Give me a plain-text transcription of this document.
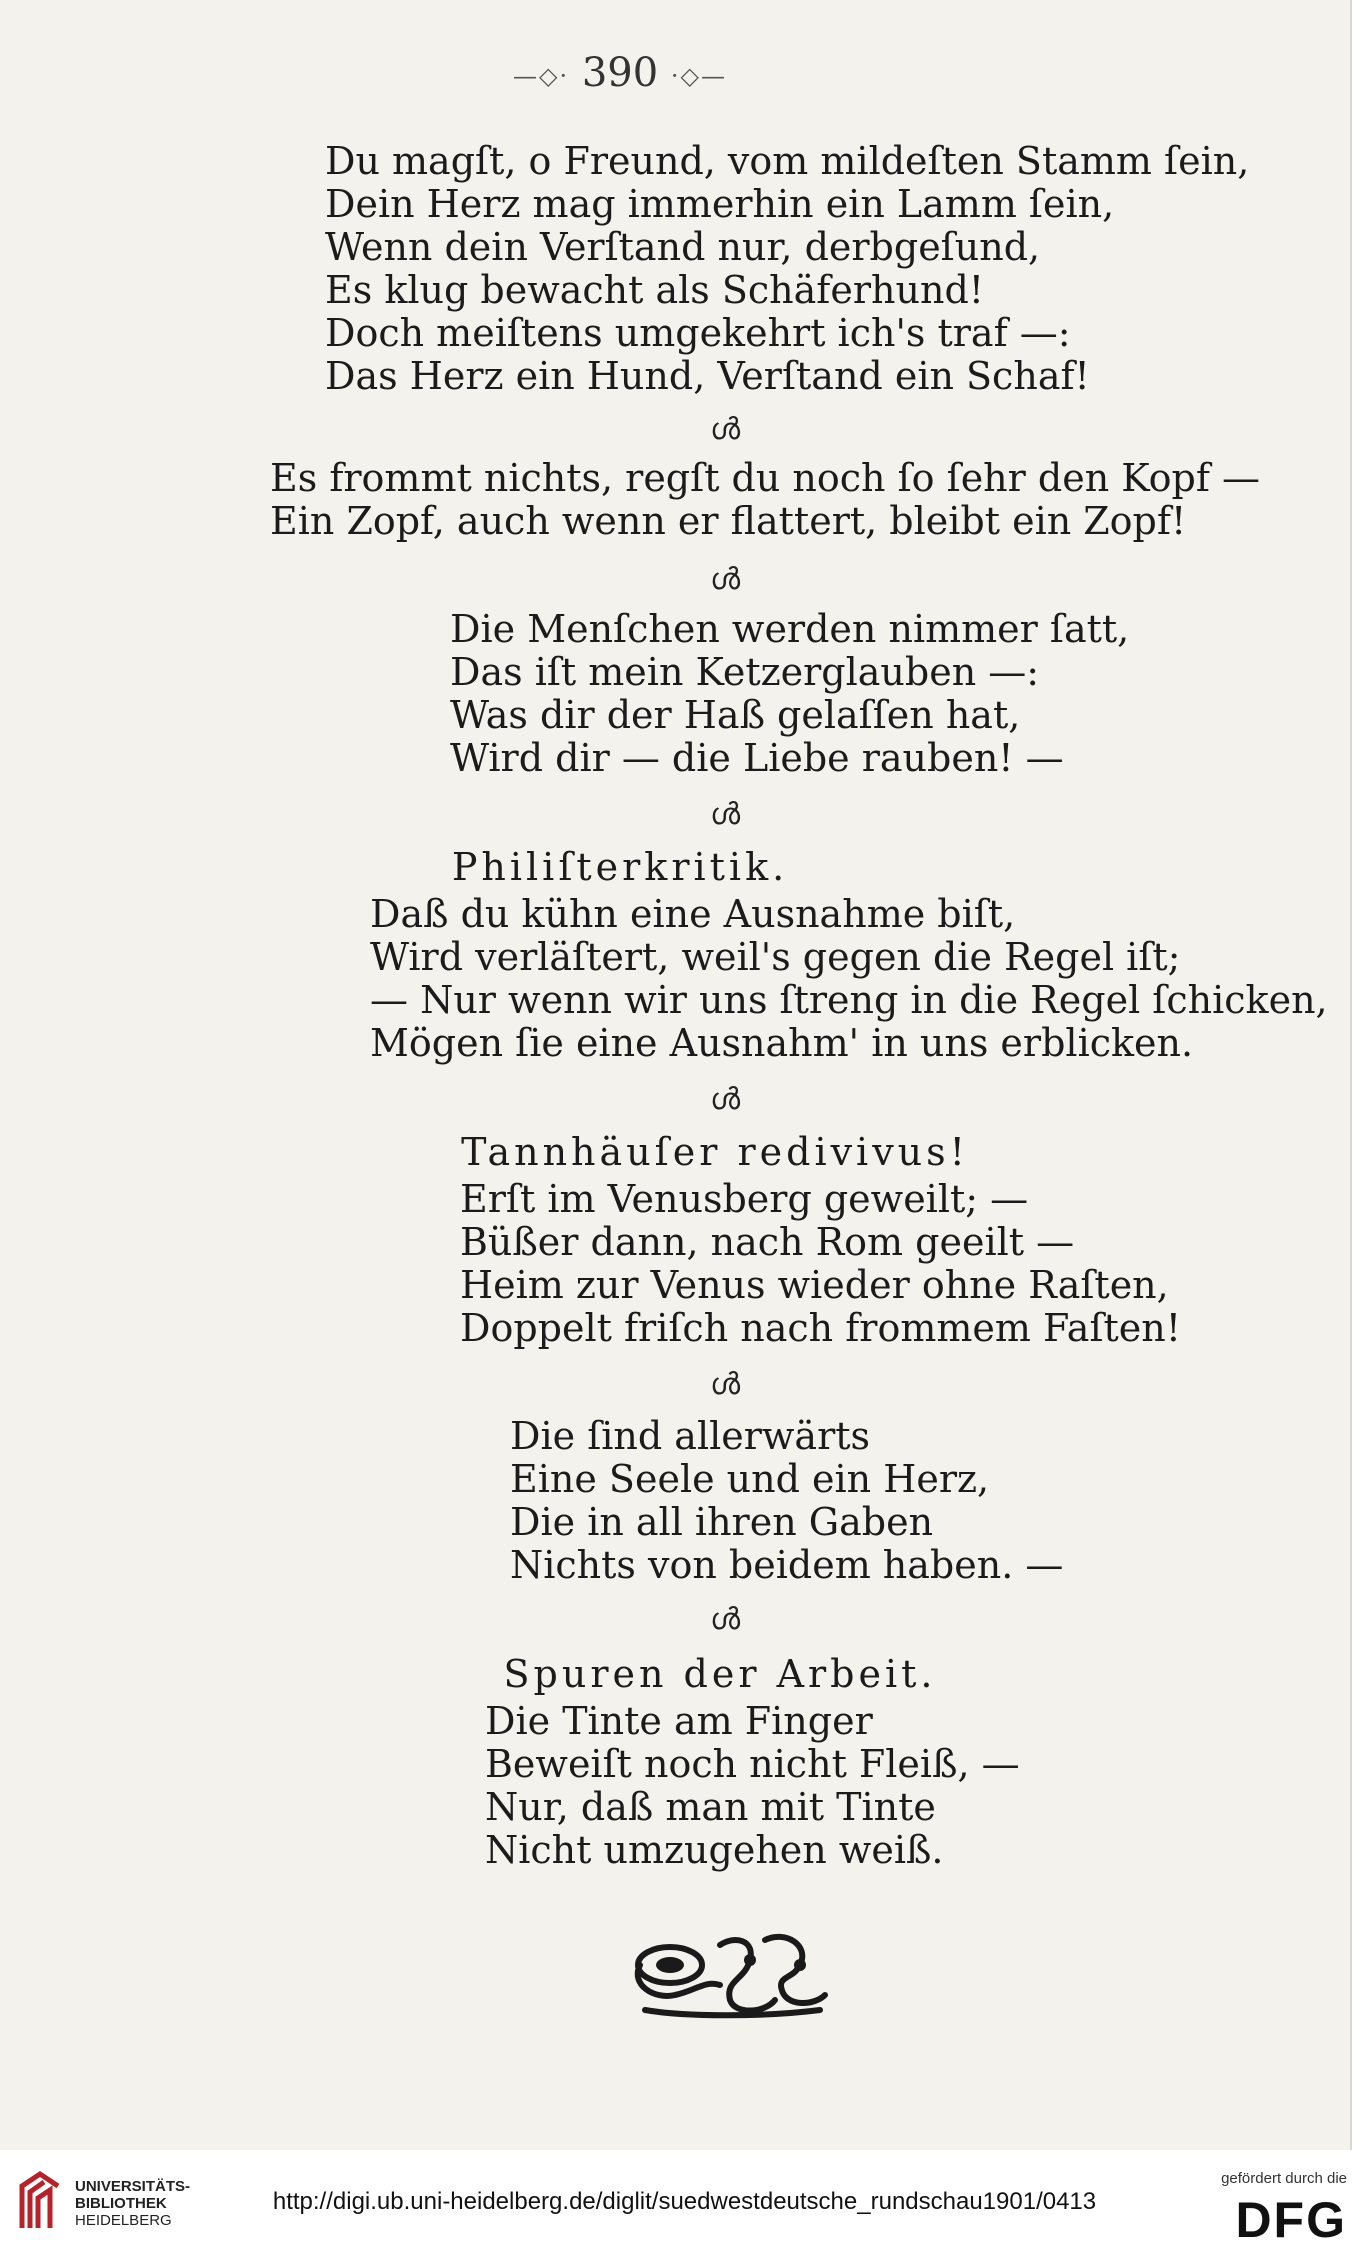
—◇· 390 ·◇—
Du magſt, o Freund, vom mildeſten Stamm ſein,
Dein Herz mag immerhin ein Lamm ſein,
Wenn dein Verſtand nur, derbgeſund,
Es klug bewacht als Schäferhund!
Doch meiſtens umgekehrt ich's traf —:
Das Herz ein Hund, Verſtand ein Schaf!
ൾ
Es frommt nichts, regſt du noch ſo ſehr den Kopf —
Ein Zopf, auch wenn er flattert, bleibt ein Zopf!
ൾ
Die Menſchen werden nimmer ſatt,
Das iſt mein Ketzerglauben —:
Was dir der Haß gelaſſen hat,
Wird dir — die Liebe rauben! —
ൾ
Philiſterkritik.
Daß du kühn eine Ausnahme biſt,
Wird verläſtert, weil's gegen die Regel iſt;
— Nur wenn wir uns ſtreng in die Regel ſchicken,
Mögen ſie eine Ausnahm' in uns erblicken.
ൾ
Tannhäuſer redivivus!
Erſt im Venusberg geweilt; —
Büßer dann, nach Rom geeilt —
Heim zur Venus wieder ohne Raſten,
Doppelt friſch nach frommem Faſten!
ൾ
Die ſind allerwärts
Eine Seele und ein Herz,
Die in all ihren Gaben
Nichts von beidem haben. —
ൾ
Spuren der Arbeit.
Die Tinte am Finger
Beweiſt noch nicht Fleiß, —
Nur, daß man mit Tinte
Nicht umzugehen weiß.
UNIVERSITÄTS-
BIBLIOTHEK
HEIDELBERG
http://digi.ub.uni-heidelberg.de/diglit/suedwestdeutsche_rundschau1901/0413
gefördert durch die
DFG
